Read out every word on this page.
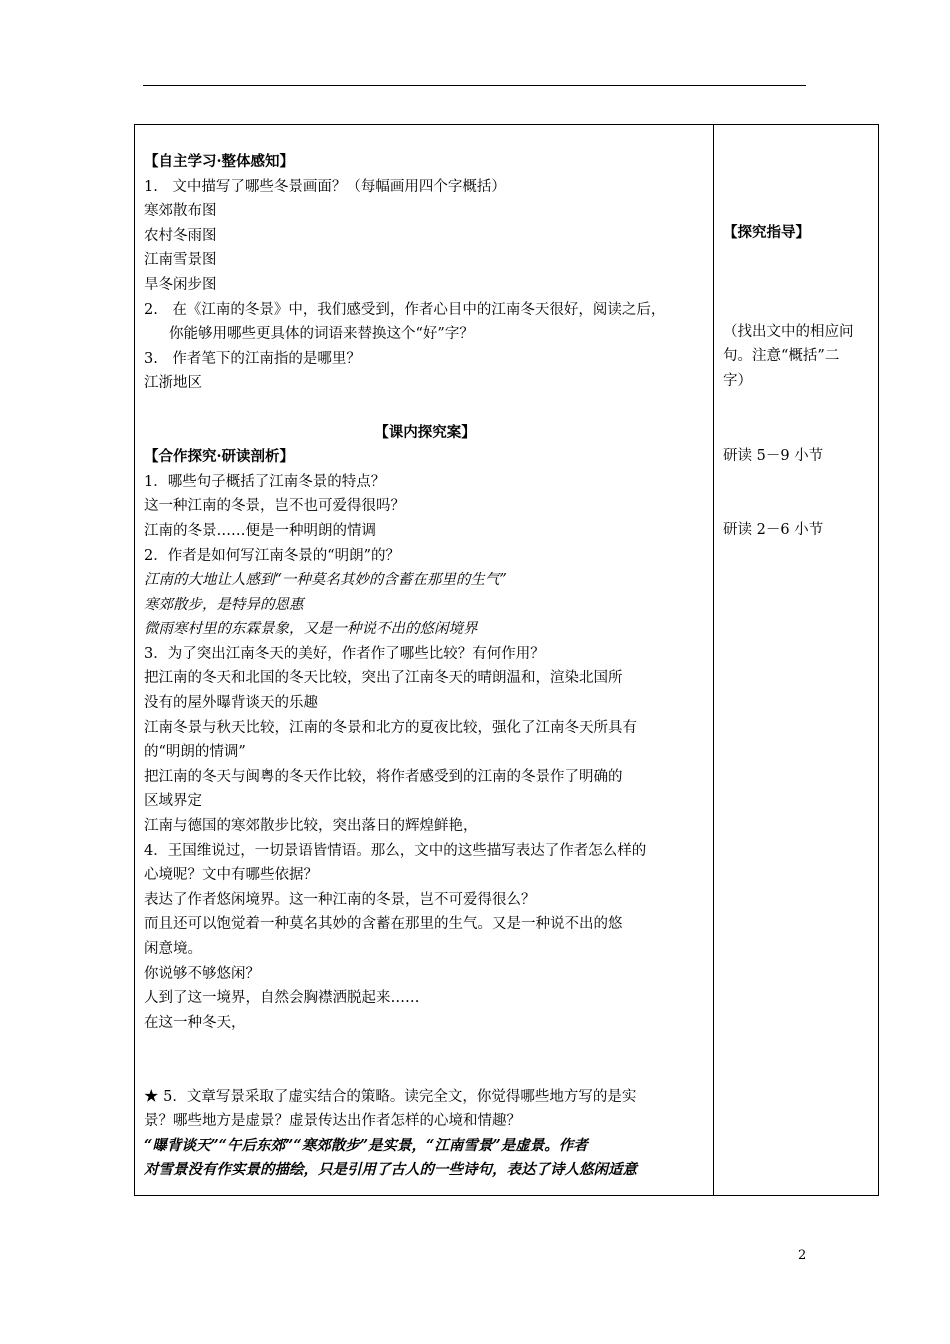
【自主学习·整体感知】
1.　文中描写了哪些冬景画面？（每幅画用四个字概括）
寒郊散布图
农村冬雨图
江南雪景图
旱冬闲步图
2.　在《江南的冬景》中，我们感受到，作者心目中的江南冬天很好，阅读之后，
你能够用哪些更具体的词语来替换这个“好”字？
3.　作者笔下的江南指的是哪里？
江浙地区
【课内探究案】
【合作探究·研读剖析】
1．哪些句子概括了江南冬景的特点？
这一种江南的冬景，岂不也可爱得很吗？
江南的冬景……便是一种明朗的情调
2．作者是如何写江南冬景的“明朗”的？
江南的大地让人感到“一种莫名其妙的含蓄在那里的生气”
寒郊散步，是特异的恩惠
微雨寒村里的东霖景象，又是一种说不出的悠闲境界
3．为了突出江南冬天的美好，作者作了哪些比较？有何作用？
把江南的冬天和北国的冬天比较，突出了江南冬天的晴朗温和，渲染北国所
没有的屋外曝背谈天的乐趣
江南冬景与秋天比较，江南的冬景和北方的夏夜比较，强化了江南冬天所具有
的“明朗的情调”
把江南的冬天与闽粤的冬天作比较，将作者感受到的江南的冬景作了明确的
区域界定
江南与德国的寒郊散步比较，突出落日的辉煌鲜艳，
4．王国维说过，一切景语皆情语。那么，文中的这些描写表达了作者怎么样的
心境呢？文中有哪些依据？
表达了作者悠闲境界。这一种江南的冬景，岂不可爱得很么？
而且还可以饱觉着一种莫名其妙的含蓄在那里的生气。又是一种说不出的悠
闲意境。
你说够不够悠闲？
人到了这一境界，自然会胸襟洒脱起来……
在这一种冬天，
★ 5．文章写景采取了虚实结合的策略。读完全文，你觉得哪些地方写的是实
景？哪些地方是虚景？虚景传达出作者怎样的心境和情趣？
“曝背谈天”“午后东郊”“寒郊散步”是实景，“江南雪景”是虚景。作者
对雪景没有作实景的描绘，只是引用了古人的一些诗句，表达了诗人悠闲适意
【探究指导】
（找出文中的相应问
句。注意“概括”二
字）
研读 5－9 小节
研读 2－6 小节
2
